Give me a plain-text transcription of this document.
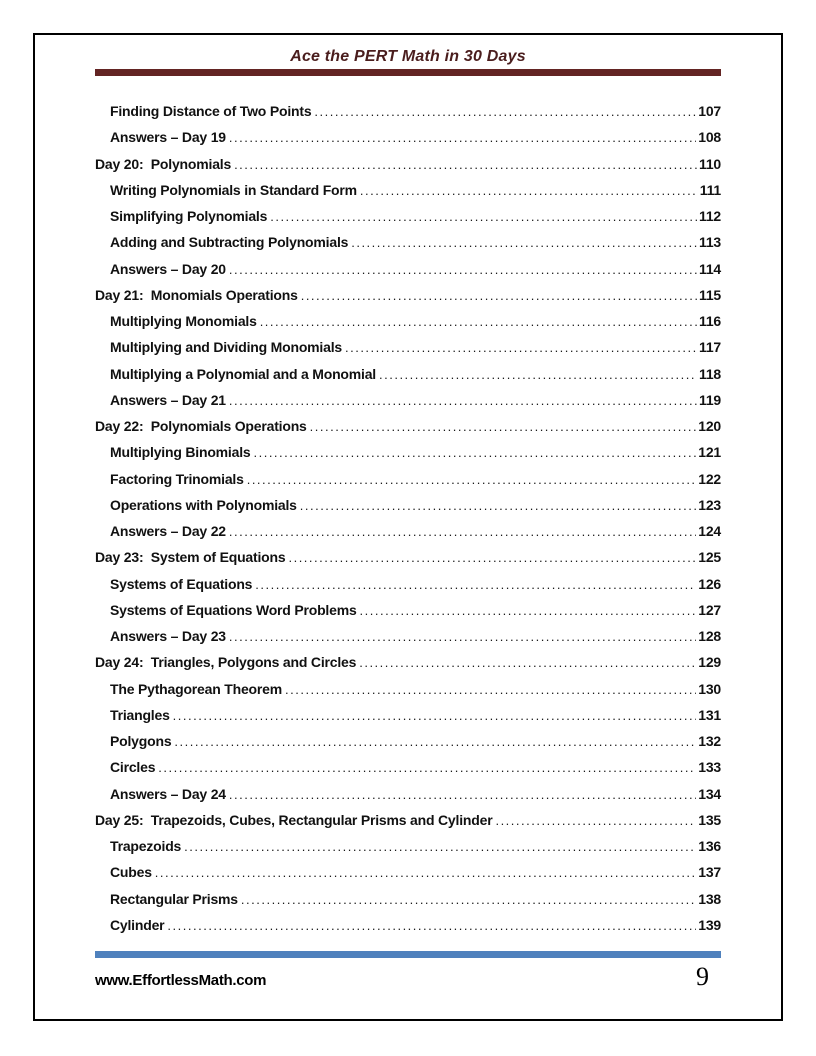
Ace the PERT Math in 30 Days
Finding Distance of Two Points .....	107
Answers – Day 19 .....	108
Day 20:  Polynomials .....	110
Writing Polynomials in Standard Form .....	111
Simplifying Polynomials .....	112
Adding and Subtracting Polynomials .....	113
Answers – Day 20 .....	114
Day 21:  Monomials Operations .....	115
Multiplying Monomials .....	116
Multiplying and Dividing Monomials .....	117
Multiplying a Polynomial and a Monomial .....	118
Answers – Day 21 .....	119
Day 22:  Polynomials Operations .....	120
Multiplying Binomials .....	121
Factoring Trinomials .....	122
Operations with Polynomials .....	123
Answers – Day 22 .....	124
Day 23:  System of Equations .....	125
Systems of Equations .....	126
Systems of Equations Word Problems .....	127
Answers – Day 23 .....	128
Day 24:  Triangles, Polygons and Circles .....	129
The Pythagorean Theorem .....	130
Triangles .....	131
Polygons .....	132
Circles .....	133
Answers – Day 24 .....	134
Day 25:  Trapezoids, Cubes, Rectangular Prisms and Cylinder .....	135
Trapezoids .....	136
Cubes .....	137
Rectangular Prisms .....	138
Cylinder .....	139
www.EffortlessMath.com	9
